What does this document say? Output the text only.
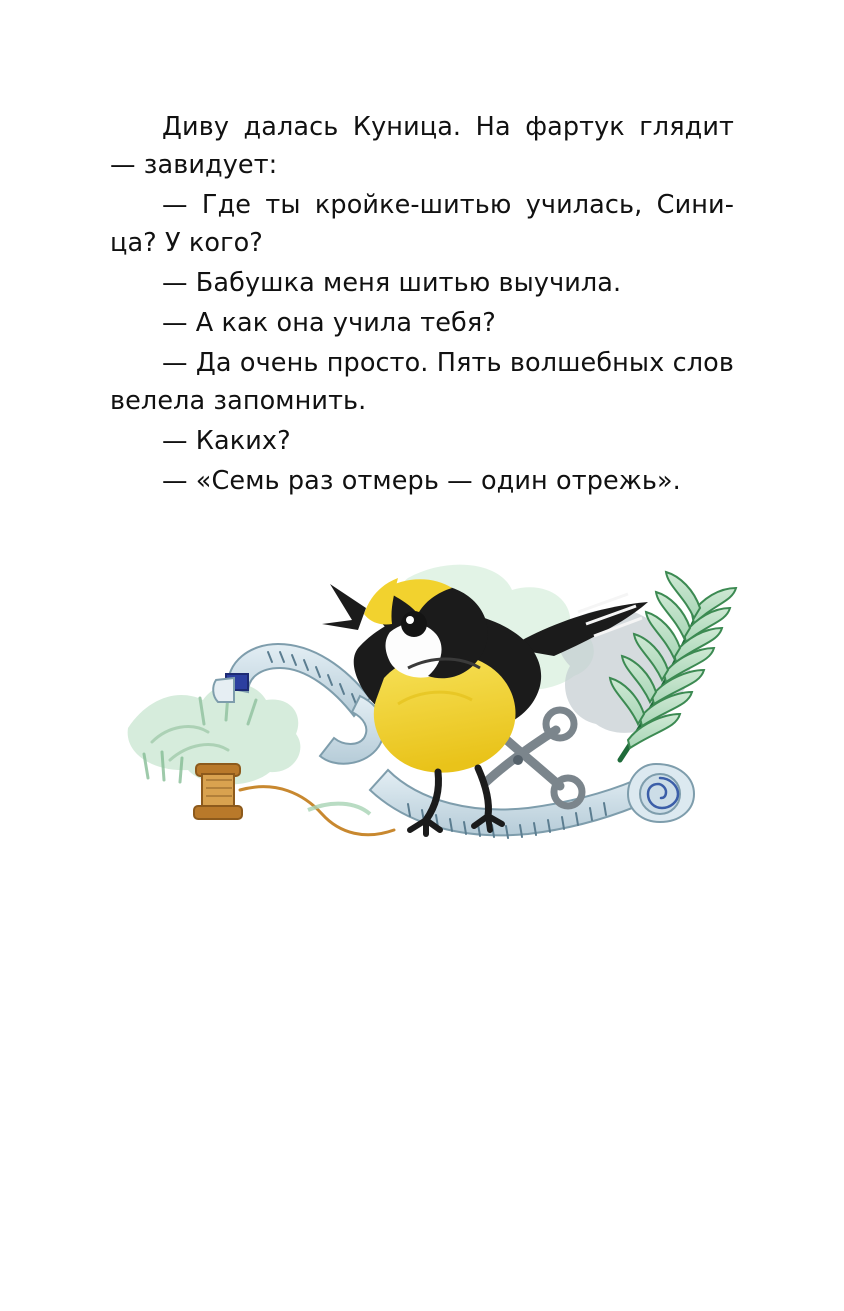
Диву далась Куница. На фартук глядит — завидует:

— Где ты кройке-шитью училась, Сини-ца? У кого?

— Бабушка меня шитью выучила.

— А как она учила тебя?

— Да очень просто. Пять волшебных слов велела запомнить.

— Каких?

— «Семь раз отмерь — один отрежь».
